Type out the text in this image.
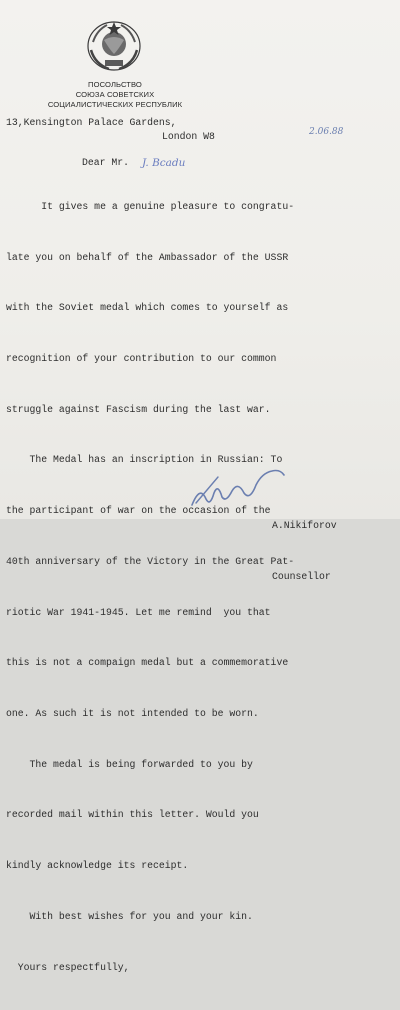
ПОСОЛЬСТВО
СОЮЗА СОВЕТСКИХ
СОЦИАЛИСТИЧЕСКИХ РЕСПУБЛИК
13,Kensington Palace Gardens,
London W8	2.06.88
Dear Mr. J. Bcadu

It gives me a genuine pleasure to congratu-

late you on behalf of the Ambassador of the USSR

with the Soviet medal which comes to yourself as

recognition of your contribution to our common

struggle against Fascism during the last war.

The Medal has an inscription in Russian: To

the participant of war on the occasion of the

40th anniversary of the Victory in the Great Pat-

riotic War 1941-1945. Let me remind  you that

this is not a compaign medal but a commemorative

one. As such it is not intended to be worn.

The medal is being forwarded to you by

recorded mail within this letter. Would you

kindly acknowledge its receipt.

With best wishes for you and your kin.

Yours respectfully,

A.Nikiforov

Counsellor
